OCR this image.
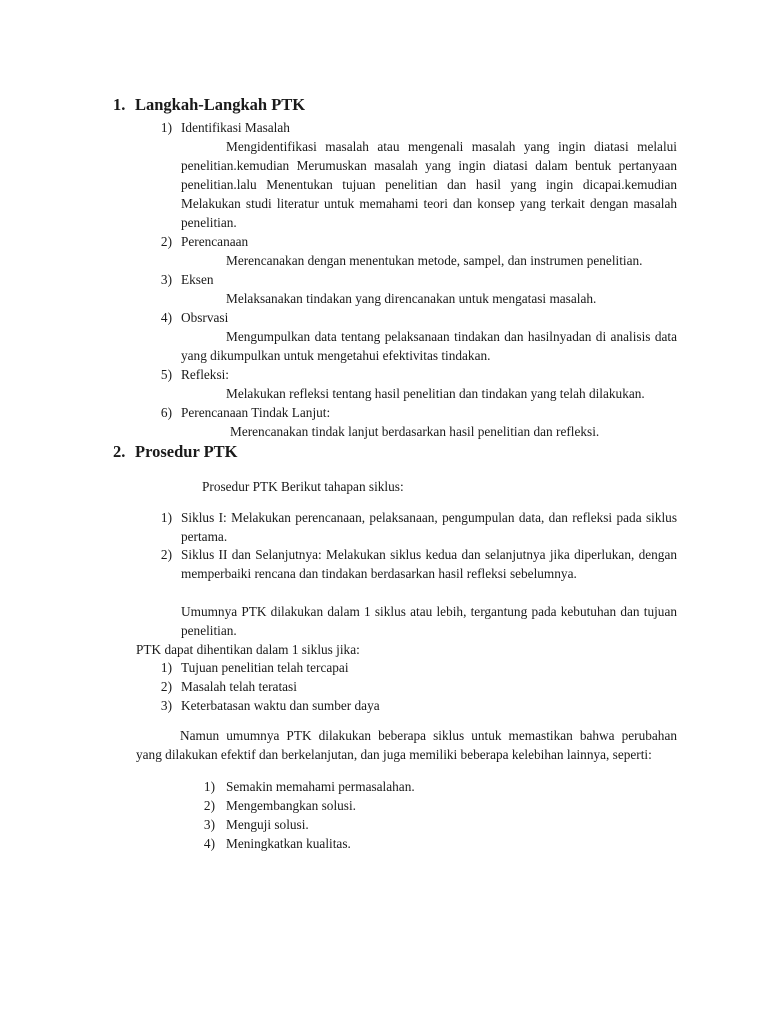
1. Langkah-Langkah PTK
1) Identifikasi Masalah
Mengidentifikasi masalah atau mengenali masalah yang ingin diatasi melalui penelitian.kemudian Merumuskan masalah yang ingin diatasi dalam bentuk pertanyaan penelitian.lalu Menentukan tujuan penelitian dan hasil yang ingin dicapai.kemudian Melakukan studi literatur untuk memahami teori dan konsep yang terkait dengan masalah penelitian.
2) Perencanaan
Merencanakan dengan menentukan metode, sampel, dan instrumen penelitian.
3) Eksen
Melaksanakan tindakan yang direncanakan untuk mengatasi masalah.
4) Obsrvasi
Mengumpulkan data tentang pelaksanaan tindakan dan hasilnyadan di analisis data yang dikumpulkan untuk mengetahui efektivitas tindakan.
5) Refleksi:
Melakukan refleksi tentang hasil penelitian dan tindakan yang telah dilakukan.
6) Perencanaan Tindak Lanjut:
Merencanakan tindak lanjut berdasarkan hasil penelitian dan refleksi.
2. Prosedur PTK
Prosedur PTK Berikut tahapan siklus:
1) Siklus I: Melakukan perencanaan, pelaksanaan, pengumpulan data, dan refleksi pada siklus pertama.
2) Siklus II dan Selanjutnya: Melakukan siklus kedua dan selanjutnya jika diperlukan, dengan memperbaiki rencana dan tindakan berdasarkan hasil refleksi sebelumnya.
Umumnya PTK dilakukan dalam 1 siklus atau lebih, tergantung pada kebutuhan dan tujuan penelitian.
PTK dapat dihentikan dalam 1 siklus jika:
1) Tujuan penelitian telah tercapai
2) Masalah telah teratasi
3) Keterbatasan waktu dan sumber daya
Namun umumnya PTK dilakukan beberapa siklus untuk memastikan bahwa perubahan
yang dilakukan efektif dan berkelanjutan, dan juga memiliki beberapa kelebihan lainnya, seperti:
1) Semakin memahami permasalahan.
2) Mengembangkan solusi.
3) Menguji solusi.
4) Meningkatkan kualitas.
